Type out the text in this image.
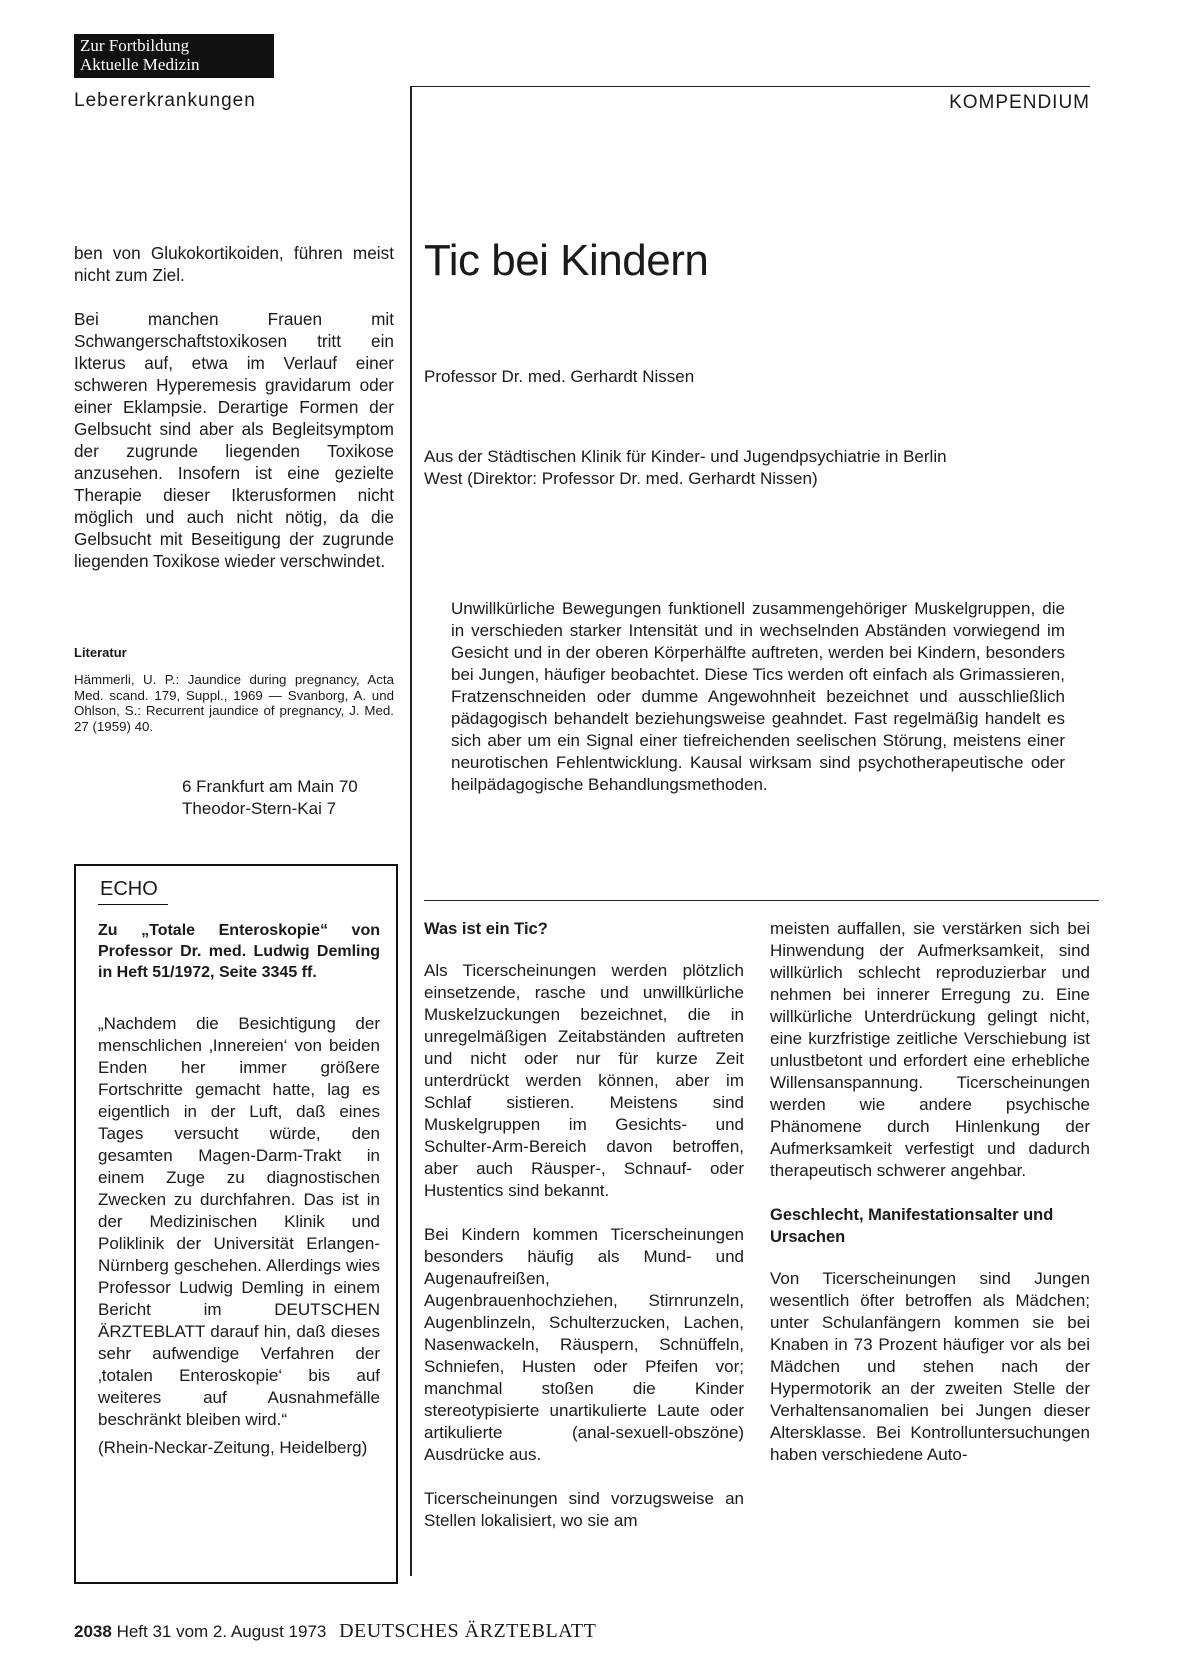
Zur Fortbildung
Aktuelle Medizin
Lebererkrankungen	KOMPENDIUM

ben von Glukokortikoiden, führen meist nicht zum Ziel.

Bei manchen Frauen mit Schwangerschaftstoxikosen tritt ein Ikterus auf, etwa im Verlauf einer schweren Hyperemesis gravidarum oder einer Eklampsie. Derartige Formen der Gelbsucht sind aber als Begleitsymptom der zugrunde liegenden Toxikose anzusehen. Insofern ist eine gezielte Therapie dieser Ikterusformen nicht möglich und auch nicht nötig, da die Gelbsucht mit Beseitigung der zugrunde liegenden Toxikose wieder verschwindet.

Literatur
Hämmerli, U. P.: Jaundice during pregnancy, Acta Med. scand. 179, Suppl., 1969 — Svanborg, A. und Ohlson, S.: Recurrent jaundice of pregnancy, J. Med. 27 (1959) 40.
6 Frankfurt am Main 70
Theodor-Stern-Kai 7
ECHO
Zu „Totale Enteroskopie“ von Professor Dr. med. Ludwig Demling in Heft 51/1972, Seite 3345 ff.

„Nachdem die Besichtigung der menschlichen ‚Innereien‘ von beiden Enden her immer größere Fortschritte gemacht hatte, lag es eigentlich in der Luft, daß eines Tages versucht würde, den gesamten Magen-Darm-Trakt in einem Zuge zu diagnostischen Zwecken zu durchfahren. Das ist in der Medizinischen Klinik und Poliklinik der Universität Erlangen-Nürnberg geschehen. Allerdings wies Professor Ludwig Demling in einem Bericht im DEUTSCHEN ÄRZTEBLATT darauf hin, daß dieses sehr aufwendige Verfahren der ‚totalen Enteroskopie‘ bis auf weiteres auf Ausnahmefälle beschränkt bleiben wird.“

(Rhein-Neckar-Zeitung, Heidelberg)

Tic bei Kindern
Professor Dr. med. Gerhardt Nissen
Aus der Städtischen Klinik für Kinder- und Jugendpsychiatrie in Berlin West (Direktor: Professor Dr. med. Gerhardt Nissen)
Unwillkürliche Bewegungen funktionell zusammengehöriger Muskelgruppen, die in verschieden starker Intensität und in wechselnden Abständen vorwiegend im Gesicht und in der oberen Körperhälfte auftreten, werden bei Kindern, besonders bei Jungen, häufiger beobachtet. Diese Tics werden oft einfach als Grimassieren, Fratzenschneiden oder dumme Angewohnheit bezeichnet und ausschließlich pädagogisch behandelt beziehungsweise geahndet. Fast regelmäßig handelt es sich aber um ein Signal einer tiefreichenden seelischen Störung, meistens einer neurotischen Fehlentwicklung. Kausal wirksam sind psychotherapeutische oder heilpädagogische Behandlungsmethoden.
Was ist ein Tic?

Als Ticerscheinungen werden plötzlich einsetzende, rasche und unwillkürliche Muskelzuckungen bezeichnet, die in unregelmäßigen Zeitabständen auftreten und nicht oder nur für kurze Zeit unterdrückt werden können, aber im Schlaf sistieren. Meistens sind Muskelgruppen im Gesichts- und Schulter-Arm-Bereich davon betroffen, aber auch Räusper-, Schnauf- oder Hustentics sind bekannt.

Bei Kindern kommen Ticerscheinungen besonders häufig als Mund- und Augenaufreißen, Augenbrauenhochziehen, Stirnrunzeln, Augenblinzeln, Schulterzucken, Lachen, Nasenwackeln, Räuspern, Schnüffeln, Schniefen, Husten oder Pfeifen vor; manchmal stoßen die Kinder stereotypisierte unartikulierte Laute oder artikulierte (anal-sexuell-obszöne) Ausdrücke aus.

Ticerscheinungen sind vorzugsweise an Stellen lokalisiert, wo sie am

meisten auffallen, sie verstärken sich bei Hinwendung der Aufmerksamkeit, sind willkürlich schlecht reproduzierbar und nehmen bei innerer Erregung zu. Eine willkürliche Unterdrückung gelingt nicht, eine kurzfristige zeitliche Verschiebung ist unlustbetont und erfordert eine erhebliche Willensanspannung. Ticerscheinungen werden wie andere psychische Phänomene durch Hinlenkung der Aufmerksamkeit verfestigt und dadurch therapeutisch schwerer angehbar.

Geschlecht, Manifestationsalter und Ursachen

Von Ticerscheinungen sind Jungen wesentlich öfter betroffen als Mädchen; unter Schulanfängern kommen sie bei Knaben in 73 Prozent häufiger vor als bei Mädchen und stehen nach der Hypermotorik an der zweiten Stelle der Verhaltensanomalien bei Jungen dieser Altersklasse. Bei Kontrolluntersuchungen haben verschiedene Auto-

2038 Heft 31 vom 2. August 1973 DEUTSCHES ÄRZTEBLATT
